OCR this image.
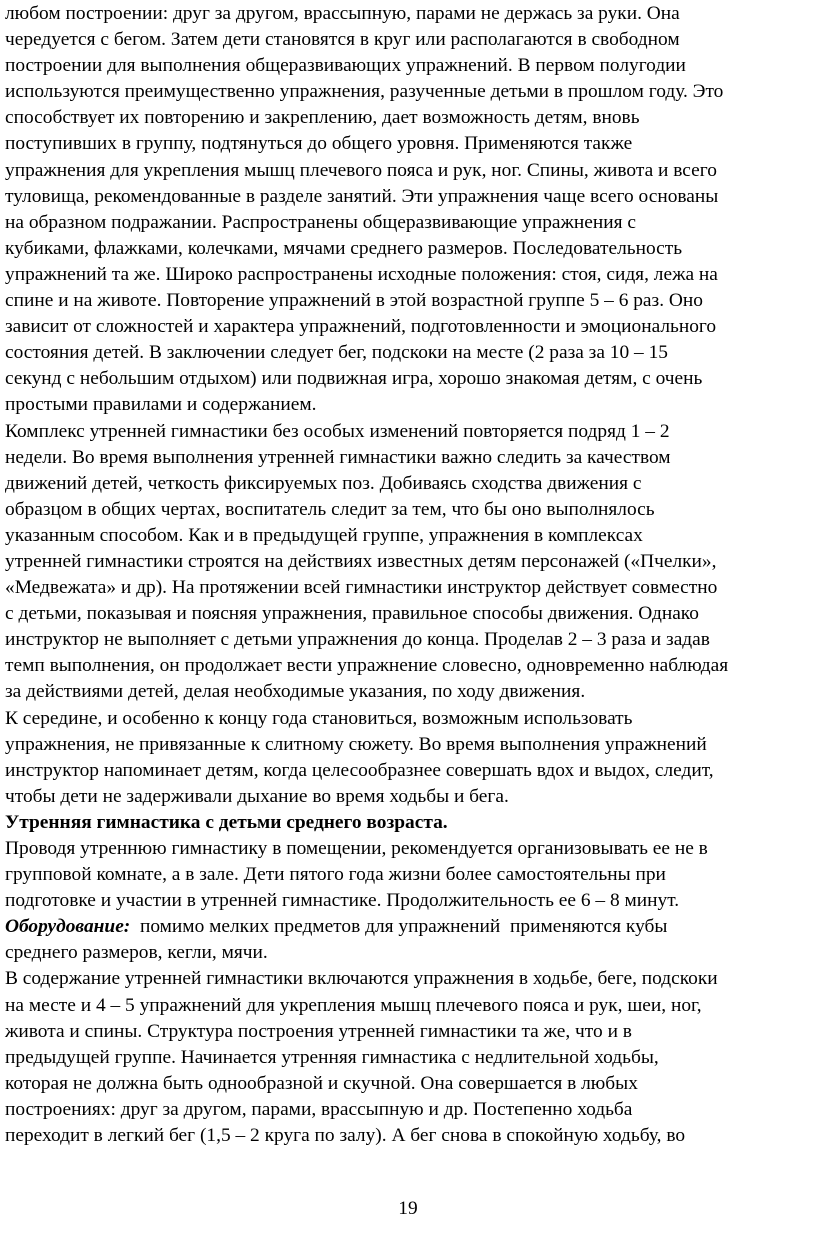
любом построении: друг за другом, врассыпную, парами не держась за руки. Она
чередуется с бегом. Затем дети становятся в круг или располагаются в свободном
построении для выполнения общеразвивающих упражнений. В первом полугодии
используются преимущественно упражнения, разученные детьми в прошлом году. Это
способствует их повторению и закреплению, дает возможность детям, вновь
поступивших в группу, подтянуться до общего уровня. Применяются также
упражнения для укрепления мышц плечевого пояса и рук, ног. Спины, живота и всего
туловища, рекомендованные в разделе занятий. Эти упражнения чаще всего основаны
на образном подражании. Распространены общеразвивающие упражнения с
кубиками, флажками, колечками, мячами среднего размеров. Последовательность
упражнений та же. Широко распространены исходные положения: стоя, сидя, лежа на
спине и на животе. Повторение упражнений в этой возрастной группе 5 – 6 раз. Оно
зависит от сложностей и характера упражнений, подготовленности и эмоционального
состояния детей. В заключении следует бег, подскоки на месте (2 раза за 10 – 15
секунд с небольшим отдыхом) или подвижная игра, хорошо знакомая детям, с очень
простыми правилами и содержанием.
Комплекс утренней гимнастики без особых изменений повторяется подряд 1 – 2
недели. Во время выполнения утренней гимнастики важно следить за качеством
движений детей, четкость фиксируемых поз. Добиваясь сходства движения с
образцом в общих чертах, воспитатель следит за тем, что бы оно выполнялось
указанным способом. Как и в предыдущей группе, упражнения в комплексах
утренней гимнастики строятся на действиях известных детям персонажей («Пчелки»,
«Медвежата» и др). На протяжении всей гимнастики инструктор действует совместно
с детьми, показывая и поясняя упражнения, правильное способы движения. Однако
инструктор не выполняет с детьми упражнения до конца. Проделав 2 – 3 раза и задав
темп выполнения, он продолжает вести упражнение словесно, одновременно наблюдая
за действиями детей, делая необходимые указания, по ходу движения.
К середине, и особенно к концу года становиться, возможным использовать
упражнения, не привязанные к слитному сюжету. Во время выполнения упражнений
инструктор напоминает детям, когда целесообразнее совершать вдох и выдох, следит,
чтобы дети не задерживали дыхание во время ходьбы и бега.
Утренняя гимнастика с детьми среднего возраста.
Проводя утреннюю гимнастику в помещении, рекомендуется организовывать ее не в
групповой комнате, а в зале. Дети пятого года жизни более самостоятельны при
подготовке и участии в утренней гимнастике. Продолжительность ее 6 – 8 минут.
Оборудование:  помимо мелких предметов для упражнений  применяются кубы
среднего размеров, кегли, мячи.
В содержание утренней гимнастики включаются упражнения в ходьбе, беге, подскоки
на месте и 4 – 5 упражнений для укрепления мышц плечевого пояса и рук, шеи, ног,
живота и спины. Структура построения утренней гимнастики та же, что и в
предыдущей группе. Начинается утренняя гимнастика с недлительной ходьбы,
которая не должна быть однообразной и скучной. Она совершается в любых
построениях: друг за другом, парами, врассыпную и др. Постепенно ходьба
переходит в легкий бег (1,5 – 2 круга по залу). А бег снова в спокойную ходьбу, во
19
